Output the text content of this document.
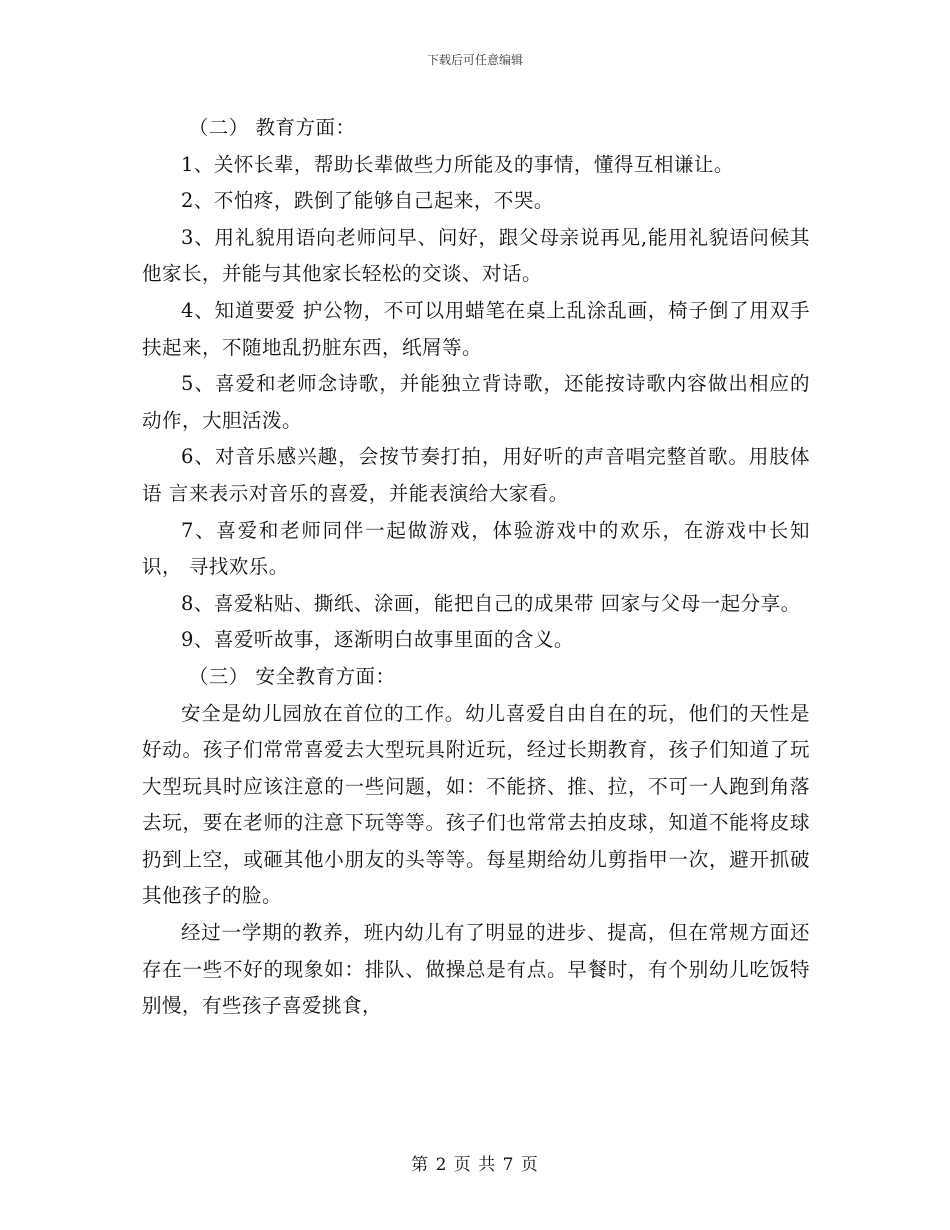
下载后可任意编辑

（二） 教育方面：

1、关怀长辈，帮助长辈做些力所能及的事情，懂得互相谦让。

2、不怕疼，跌倒了能够自己起来，不哭。

3、用礼貌用语向老师问早、问好，跟父母亲说再见,能用礼貌语问候其他家长，并能与其他家长轻松的交谈、对话。

4、知道要爱 护公物，不可以用蜡笔在桌上乱涂乱画，椅子倒了用双手扶起来，不随地乱扔脏东西，纸屑等。

5、喜爱和老师念诗歌，并能独立背诗歌，还能按诗歌内容做出相应的动作，大胆活泼。

6、对音乐感兴趣，会按节奏打拍，用好听的声音唱完整首歌。用肢体语 言来表示对音乐的喜爱，并能表演给大家看。

7、喜爱和老师同伴一起做游戏，体验游戏中的欢乐，在游戏中长知识， 寻找欢乐。

8、喜爱粘贴、撕纸、涂画，能把自己的成果带 回家与父母一起分享。

9、喜爱听故事，逐渐明白故事里面的含义。

（三） 安全教育方面：

安全是幼儿园放在首位的工作。幼儿喜爱自由自在的玩，他们的天性是好动。孩子们常常喜爱去大型玩具附近玩，经过长期教育，孩子们知道了玩大型玩具时应该注意的一些问题，如：不能挤、推、拉，不可一人跑到角落去玩，要在老师的注意下玩等等。孩子们也常常去拍皮球，知道不能将皮球扔到上空，或砸其他小朋友的头等等。每星期给幼儿剪指甲一次，避开抓破其他孩子的脸。

经过一学期的教养，班内幼儿有了明显的进步、提高，但在常规方面还存在一些不好的现象如：排队、做操总是有点。早餐时，有个别幼儿吃饭特别慢，有些孩子喜爱挑食，

第 2 页 共 7 页
